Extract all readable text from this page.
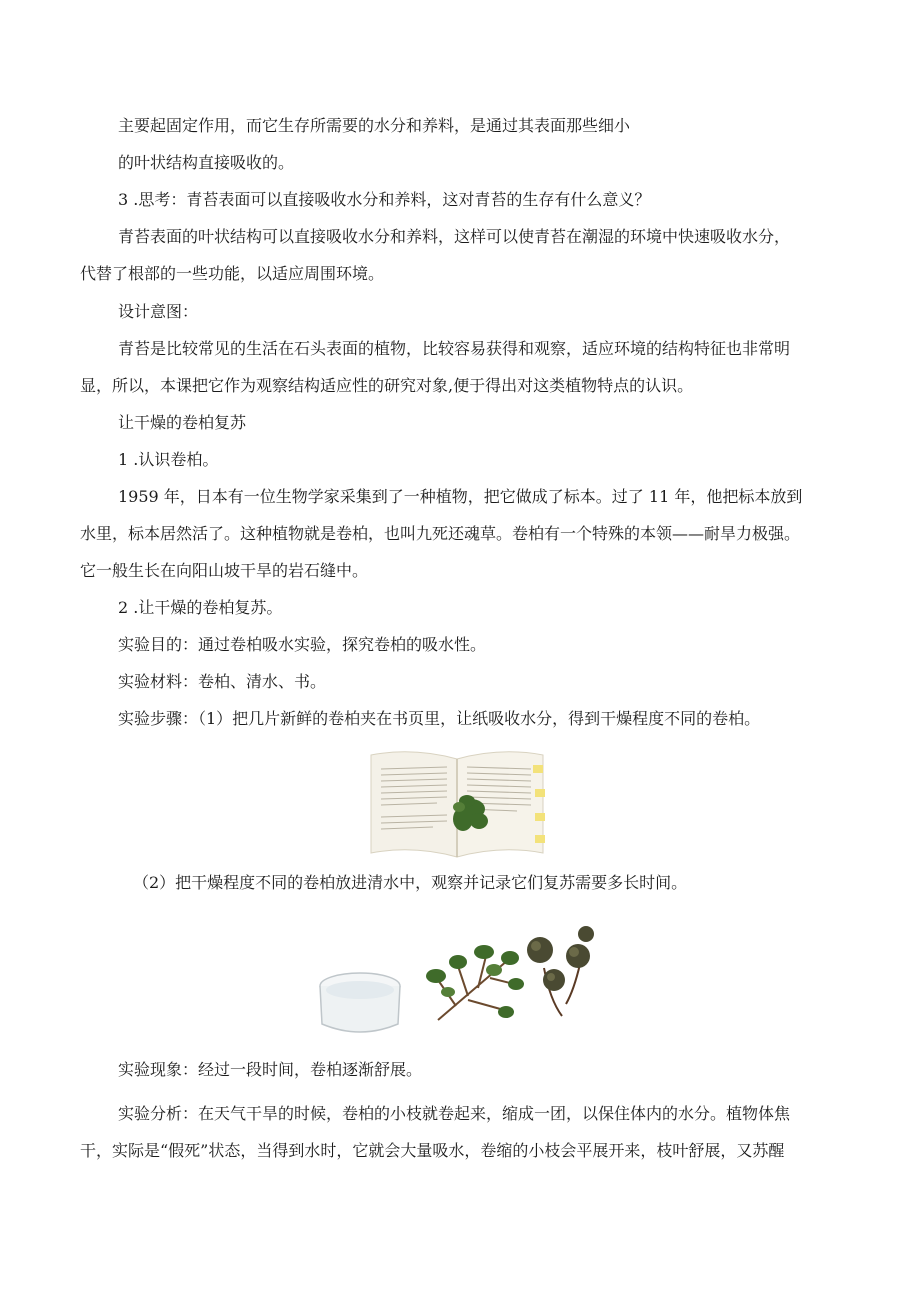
主要起固定作用，而它生存所需要的水分和养料，是通过其表面那些细小
的叶状结构直接吸收的。
3 .思考：青苔表面可以直接吸收水分和养料，这对青苔的生存有什么意义？
青苔表面的叶状结构可以直接吸收水分和养料，这样可以使青苔在潮湿的环境中快速吸收水分，
代替了根部的一些功能，以适应周围环境。
设计意图：
青苔是比较常见的生活在石头表面的植物，比较容易获得和观察，适应环境的结构特征也非常明
显，所以，本课把它作为观察结构适应性的研究对象,便于得出对这类植物特点的认识。
让干燥的卷柏复苏
1 .认识卷柏。
1959 年，日本有一位生物学家采集到了一种植物，把它做成了标本。过了 11 年，他把标本放到
水里，标本居然活了。这种植物就是卷柏，也叫九死还魂草。卷柏有一个特殊的本领——耐旱力极强。
它一般生长在向阳山坡干旱的岩石缝中。
2 .让干燥的卷柏复苏。
实验目的：通过卷柏吸水实验，探究卷柏的吸水性。
实验材料：卷柏、清水、书。
实验步骤：（1）把几片新鲜的卷柏夹在书页里，让纸吸收水分，得到干燥程度不同的卷柏。
（2）把干燥程度不同的卷柏放进清水中，观察并记录它们复苏需要多长时间。
实验现象：经过一段时间，卷柏逐渐舒展。
实验分析：在天气干旱的时候，卷柏的小枝就卷起来，缩成一团，以保住体内的水分。植物体焦
干，实际是“假死”状态，当得到水时，它就会大量吸水，卷缩的小枝会平展开来，枝叶舒展，又苏醒
